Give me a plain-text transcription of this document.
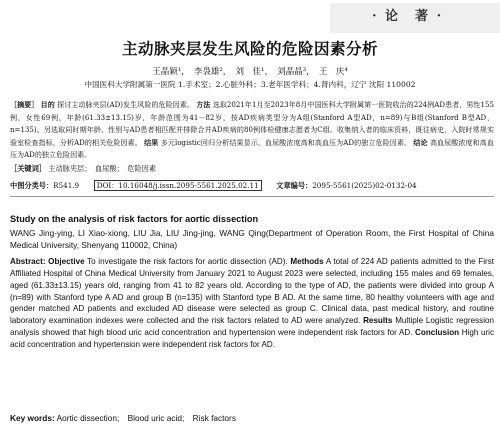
· 论　著 ·
主动脉夹层发生风险的危险因素分析
王晶颖¹，　李袅雄²，　刘　佳¹，　刘晶晶³，　王　庆⁴
中国医科大学附属第一医院 1.手术室；2.心脏外科；3.老年医学科；4.肾内科，辽宁 沈阳 110002
［摘要］ 目的 探讨主动脉夹层(AD)发生风险的危险因素。 方法 选取2021年1月至2023年8月中国医科大学附属第一医院收治的224例AD患者，男性155例，女性69例，年龄(61.33±13.15)岁，年龄范围为41－82岁，按AD疾病类型分为A组(Stanford A型AD，n=89)与B组(Stanford B型AD，n=135)。另选取同时期年龄、性别与AD患者相匹配并排除合并AD疾病的80例体检健康志愿者为C组。收集纳入者的临床资料，既往病史，入院时常规实验室检查指标，分析AD的相关危险因素。 结果 多元logistic回归分析结果显示，血尿酸浓度高和高血压为AD的独立危险因素。 结论 高血尿酸浓度和高血压为AD的独立危险因素。
［关键词］ 主动脉夹层；　血尿酸；　危险因素
中图分类号：R541.9 DOI：10.16048/j.issn.2095-5561.2025.02.11 文章编号：2095-5561(2025)02-0132-04
Study on the analysis of risk factors for aortic dissection
WANG Jing-ying, LI Xiao-xiong, LIU Jia, LIU Jing-jing, WANG Qing(Department of Operation Room, the First Hospital of China Medical University, Shenyang 110002, China)
Abstract: Objective To investigate the risk factors for aortic dissection (AD). Methods A total of 224 AD patients admitted to the First Affiliated Hospital of China Medical University from January 2021 to August 2023 were selected, including 155 males and 69 females, aged (61.33±13.15) years old, ranging from 41 to 82 years old. According to the type of AD, the patients were divided into group A (n=89) with Stanford type A AD and group B (n=135) with Stanford type B AD. At the same time, 80 healthy volunteers with age and gender matched AD patients and excluded AD disease were selected as group C. Clinical data, past medical history, and routine laboratory examination indexes were collected and the risk factors related to AD were analyzed. Results Multiple Logistic regression analysis showed that high blood uric acid concentration and hypertension were independent risk factors for AD. Conclusion High uric acid concentration and hypertension were independent risk factors for AD.
Key words: Aortic dissection;　Blood uric acid;　Risk factors
